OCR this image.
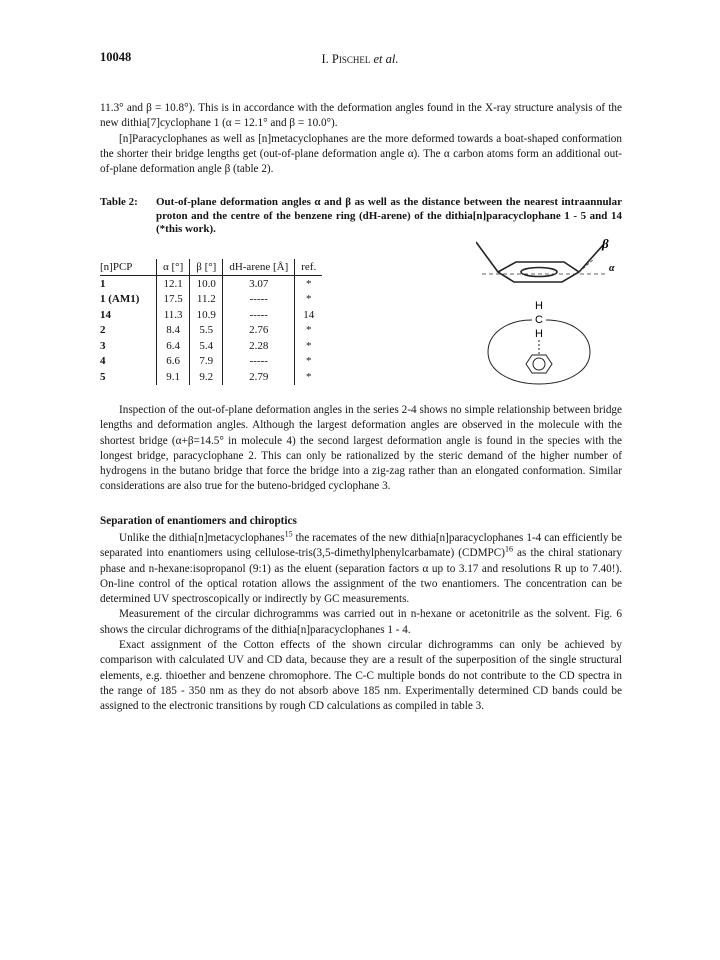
10048	I. Pischel et al.

11.3° and β = 10.8°). This is in accordance with the deformation angles found in the X-ray structure analysis of the new dithia[7]cyclophane 1 (α = 12.1° and β = 10.0°).

[n]Paracyclophanes as well as [n]metacyclophanes are the more deformed towards a boat-shaped conformation the shorter their bridge lengths get (out-of-plane deformation angle α). The α carbon atoms form an additional out-of-plane deformation angle β (table 2).

Table 2:	Out-of-plane deformation angles α and β as well as the distance between the nearest intraannular proton and the centre of the benzene ring (dH-arene) of the dithia[n]paracyclophane 1 - 5 and 14 (*this work).
[n]PCP	α [°]	β [°]	dH-arene [Å]	ref.
1	12.1	10.0	3.07	*
1 (AM1)	17.5	11.2	-----	*
14	11.3	10.9	-----	14
2	8.4	5.5	2.76	*
3	6.4	5.4	2.28	*
4	6.6	7.9	-----	*
5	9.1	9.2	2.79	*
β
α
H
C
H

Inspection of the out-of-plane deformation angles in the series 2-4 shows no simple relationship between bridge lengths and deformation angles. Although the largest deformation angles are observed in the molecule with the shortest bridge (α+β=14.5° in molecule 4) the second largest deformation angle is found in the species with the longest bridge, paracyclophane 2. This can only be rationalized by the steric demand of the higher number of hydrogens in the butano bridge that force the bridge into a zig-zag rather than an elongated conformation. Similar considerations are also true for the buteno-bridged cyclophane 3.

Separation of enantiomers and chiroptics

Unlike the dithia[n]metacyclophanes$^{15}$ the racemates of the new dithia[n]paracyclophanes 1-4 can efficiently be separated into enantiomers using cellulose-tris(3,5-dimethylphenylcarbamate) (CDMPC)$^{16}$ as the chiral stationary phase and n-hexane:isopropanol (9:1) as the eluent (separation factors α up to 3.17 and resolutions R up to 7.40!). On-line control of the optical rotation allows the assignment of the two enantiomers. The concentration can be determined UV spectroscopically or indirectly by GC measurements.

Measurement of the circular dichrogramms was carried out in n-hexane or acetonitrile as the solvent. Fig. 6 shows the circular dichrograms of the dithia[n]paracyclophanes 1 - 4.

Exact assignment of the Cotton effects of the shown circular dichrogramms can only be achieved by comparison with calculated UV and CD data, because they are a result of the superposition of the single structural elements, e.g. thioether and benzene chromophore. The C-C multiple bonds do not contribute to the CD spectra in the range of 185 - 350 nm as they do not absorb above 185 nm. Experimentally determined CD bands could be assigned to the electronic transitions by rough CD calculations as compiled in table 3.
